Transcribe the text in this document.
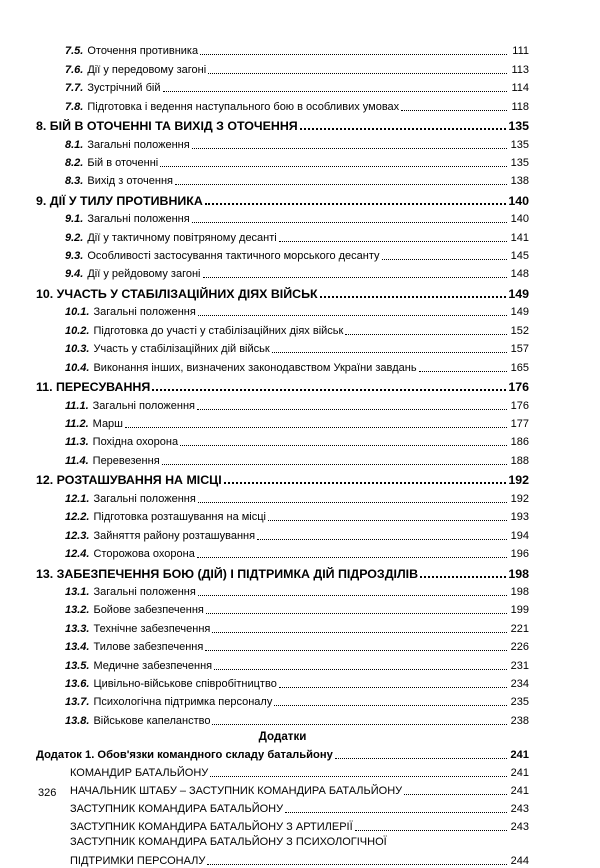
7.5. Оточення противника	111
7.6. Дії у передовому загоні	113
7.7. Зустрічний бій	114
7.8. Підготовка і ведення наступального бою в особливих умовах	118
8. БІЙ В ОТОЧЕННІ ТА ВИХІД З ОТОЧЕННЯ	135
8.1. Загальні положення	135
8.2. Бій в оточенні	135
8.3. Вихід з оточення	138
9. ДІЇ У ТИЛУ ПРОТИВНИКА	140
9.1. Загальні положення	140
9.2. Дії у тактичному повітряному десанті	141
9.3. Особливості застосування тактичного морського десанту	145
9.4. Дії у рейдовому загоні	148
10. УЧАСТЬ У СТАБІЛІЗАЦІЙНИХ ДІЯХ ВІЙСЬК	149
10.1. Загальні положення	149
10.2. Підготовка до участі у стабілізаційних діях військ	152
10.3. Участь у стабілізаційних дій військ	157
10.4. Виконання інших, визначених законодавством України завдань	165
11. ПЕРЕСУВАННЯ	176
11.1. Загальні положення	176
11.2. Марш	177
11.3. Похідна охорона	186
11.4. Перевезення	188
12. РОЗТАШУВАННЯ НА МІСЦІ	192
12.1. Загальні положення	192
12.2. Підготовка розташування на місці	193
12.3. Зайняття району розташування	194
12.4. Сторожова охорона	196
13. ЗАБЕЗПЕЧЕННЯ БОЮ (ДІЙ) І ПІДТРИМКА ДІЙ ПІДРОЗДІЛІВ	198
13.1. Загальні положення	198
13.2. Бойове забезпечення	199
13.3. Технічне забезпечення	221
13.4. Тилове забезпечення	226
13.5. Медичне забезпечення	231
13.6. Цивільно-військове співробітництво	234
13.7. Психологічна підтримка персоналу	235
13.8. Військове капеланство	238
Додатки
Додаток 1. Обов'язки командного складу батальйону	241
КОМАНДИР БАТАЛЬЙОНУ	241
НАЧАЛЬНИК ШТАБУ – ЗАСТУПНИК КОМАНДИРА БАТАЛЬЙОНУ	241
ЗАСТУПНИК КОМАНДИРА БАТАЛЬЙОНУ	243
ЗАСТУПНИК КОМАНДИРА БАТАЛЬЙОНУ З АРТИЛЕРІЇ	243
ЗАСТУПНИК КОМАНДИРА БАТАЛЬЙОНУ З ПСИХОЛОГІЧНОЇ
ПІДТРИМКИ ПЕРСОНАЛУ	244
326
